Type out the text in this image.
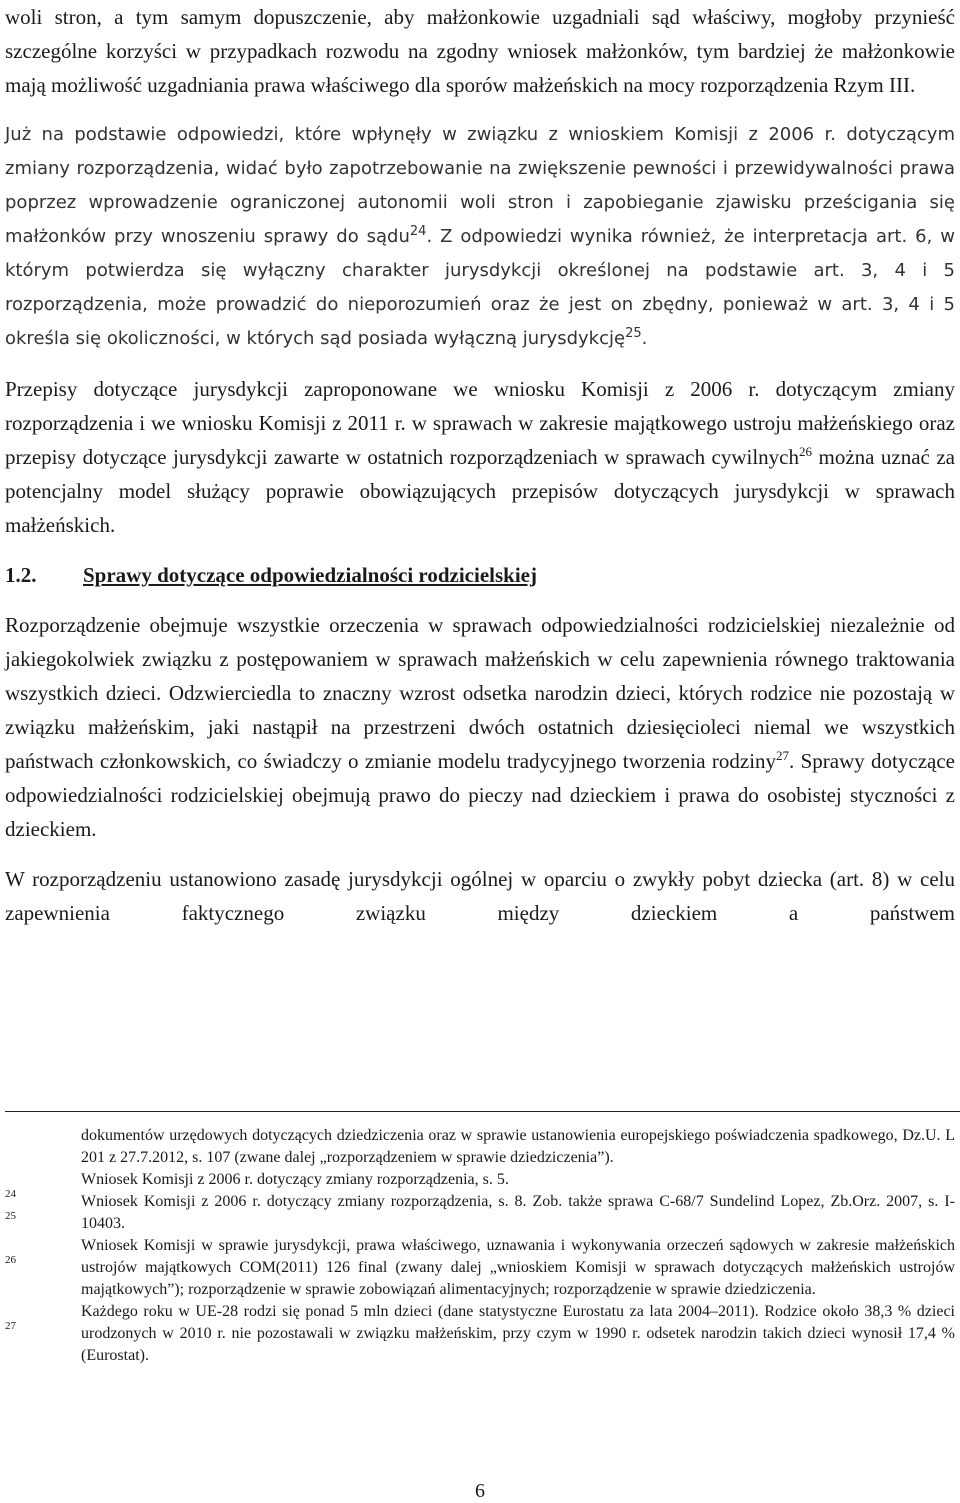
woli stron, a tym samym dopuszczenie, aby małżonkowie uzgadniali sąd właściwy, mogłoby przynieść szczególne korzyści w przypadkach rozwodu na zgodny wniosek małżonków, tym bardziej że małżonkowie mają możliwość uzgadniania prawa właściwego dla sporów małżeńskich na mocy rozporządzenia Rzym III.

Już na podstawie odpowiedzi, które wpłynęły w związku z wnioskiem Komisji z 2006 r. dotyczącym zmiany rozporządzenia, widać było zapotrzebowanie na zwiększenie pewności i przewidywalności prawa poprzez wprowadzenie ograniczonej autonomii woli stron i zapobieganie zjawisku prześcigania się małżonków przy wnoszeniu sprawy do sądu$^{24}$. Z odpowiedzi wynika również, że interpretacja art. 6, w którym potwierdza się wyłączny charakter jurysdykcji określonej na podstawie art. 3, 4 i 5 rozporządzenia, może prowadzić do nieporozumień oraz że jest on zbędny, ponieważ w art. 3, 4 i 5 określa się okoliczności, w których sąd posiada wyłączną jurysdykcję$^{25}$.

Przepisy dotyczące jurysdykcji zaproponowane we wniosku Komisji z 2006 r. dotyczącym zmiany rozporządzenia i we wniosku Komisji z 2011 r. w sprawach w zakresie majątkowego ustroju małżeńskiego oraz przepisy dotyczące jurysdykcji zawarte w ostatnich rozporządzeniach w sprawach cywilnych$^{26}$ można uznać za potencjalny model służący poprawie obowiązujących przepisów dotyczących jurysdykcji w sprawach małżeńskich.

1.2.	Sprawy dotyczące odpowiedzialności rodzicielskiej

Rozporządzenie obejmuje wszystkie orzeczenia w sprawach odpowiedzialności rodzicielskiej niezależnie od jakiegokolwiek związku z postępowaniem w sprawach małżeńskich w celu zapewnienia równego traktowania wszystkich dzieci. Odzwierciedla to znaczny wzrost odsetka narodzin dzieci, których rodzice nie pozostają w związku małżeńskim, jaki nastąpił na przestrzeni dwóch ostatnich dziesięcioleci niemal we wszystkich państwach członkowskich, co świadczy o zmianie modelu tradycyjnego tworzenia rodziny$^{27}$. Sprawy dotyczące odpowiedzialności rodzicielskiej obejmują prawo do pieczy nad dzieckiem i prawa do osobistej styczności z dzieckiem.

W rozporządzeniu ustanowiono zasadę jurysdykcji ogólnej w oparciu o zwykły pobyt dziecka (art. 8) w celu zapewnienia faktycznego związku między dzieckiem a państwem

dokumentów urzędowych dotyczących dziedziczenia oraz w sprawie ustanowienia europejskiego poświadczenia spadkowego, Dz.U. L 201 z 27.7.2012, s. 107 (zwane dalej „rozporządzeniem w sprawie dziedziczenia”).
24
Wniosek Komisji z 2006 r. dotyczący zmiany rozporządzenia, s. 5.
25
Wniosek Komisji z 2006 r. dotyczący zmiany rozporządzenia, s. 8. Zob. także sprawa C-68/7 Sundelind Lopez, Zb.Orz. 2007, s. I-10403.
26
Wniosek Komisji w sprawie jurysdykcji, prawa właściwego, uznawania i wykonywania orzeczeń sądowych w zakresie małżeńskich ustrojów majątkowych COM(2011) 126 final (zwany dalej „wnioskiem Komisji w sprawach dotyczących małżeńskich ustrojów majątkowych”); rozporządzenie w sprawie zobowiązań alimentacyjnych; rozporządzenie w sprawie dziedziczenia.
27
Każdego roku w UE-28 rodzi się ponad 5 mln dzieci (dane statystyczne Eurostatu za lata 2004–2011). Rodzice około 38,3 % dzieci urodzonych w 2010 r. nie pozostawali w związku małżeńskim, przy czym w 1990 r. odsetek narodzin takich dzieci wynosił 17,4 % (Eurostat).
6
